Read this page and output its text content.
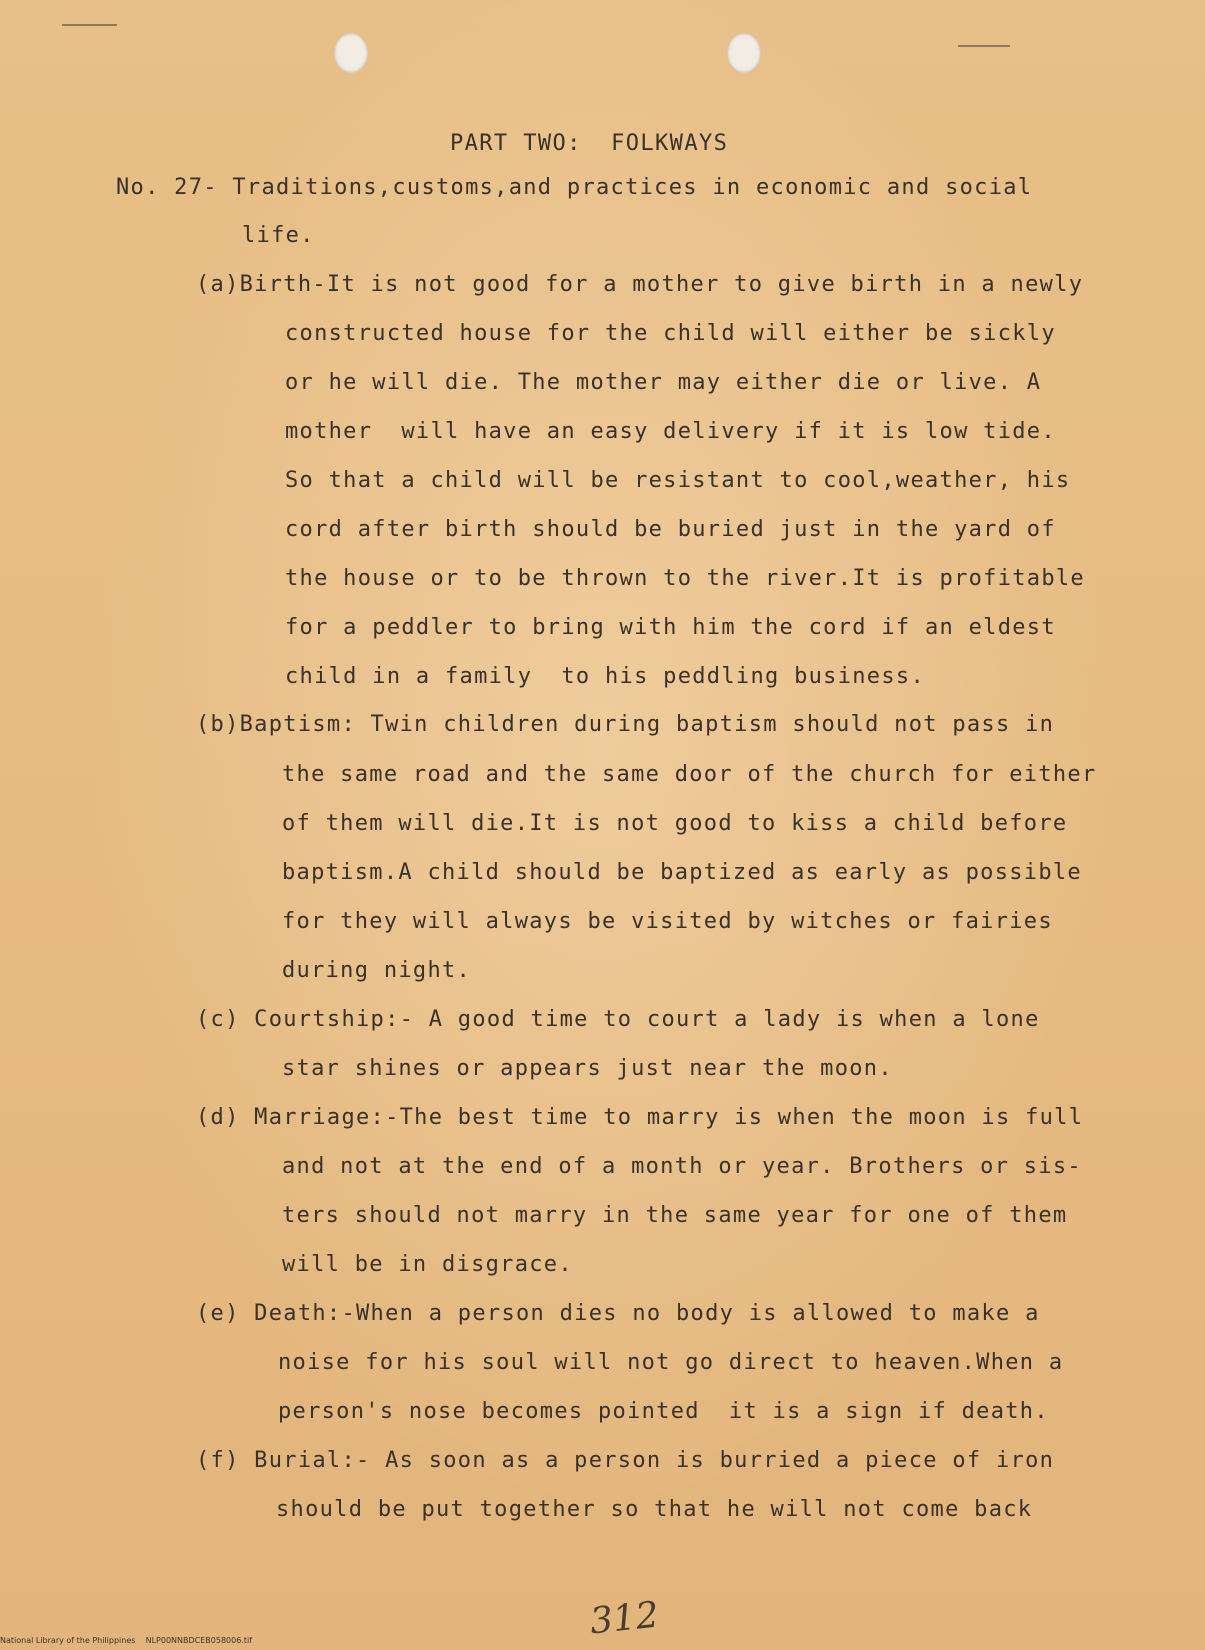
PART TWO:  FOLKWAYS
No. 27- Traditions,customs,and practices in economic and social
life.
(a)Birth-It is not good for a mother to give birth in a newly
constructed house for the child will either be sickly
or he will die. The mother may either die or live. A
mother  will have an easy delivery if it is low tide.
So that a child will be resistant to cool,weather, his
cord after birth should be buried just in the yard of
the house or to be thrown to the river.It is profitable
for a peddler to bring with him the cord if an eldest
child in a family  to his peddling business.
(b)Baptism: Twin children during baptism should not pass in
the same road and the same door of the church for either
of them will die.It is not good to kiss a child before
baptism.A child should be baptized as early as possible
for they will always be visited by witches or fairies
during night.
(c) Courtship:- A good time to court a lady is when a lone
star shines or appears just near the moon.
(d) Marriage:-The best time to marry is when the moon is full
and not at the end of a month or year. Brothers or sis-
ters should not marry in the same year for one of them
will be in disgrace.
(e) Death:-When a person dies no body is allowed to make a
noise for his soul will not go direct to heaven.When a
person's nose becomes pointed  it is a sign if death.
(f) Burial:- As soon as a person is burried a piece of iron
should be put together so that he will not come back
312
National Library of the Philippines    NLP00NNBDCEB058006.tif
